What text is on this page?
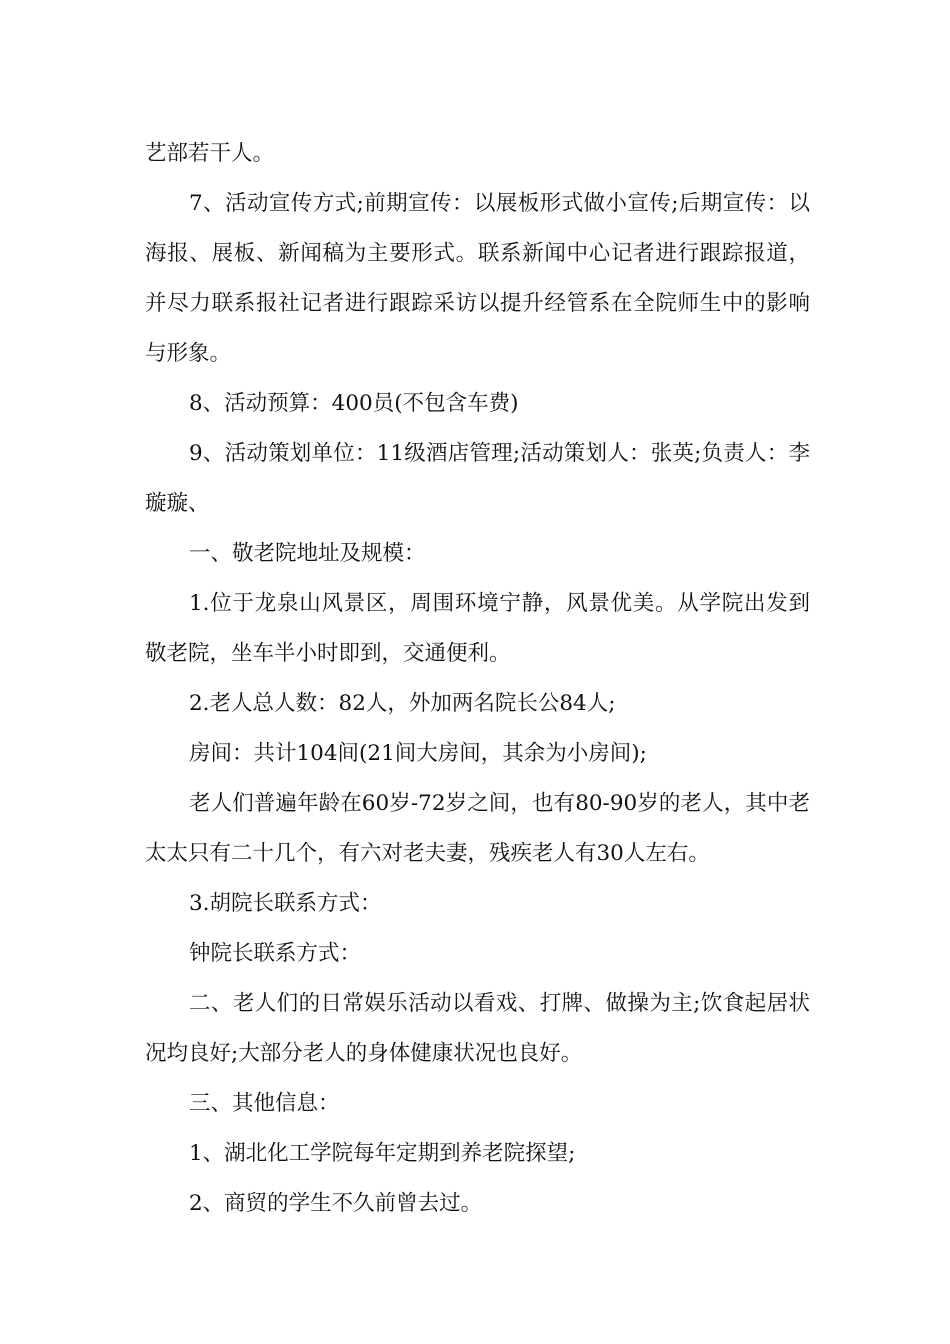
艺部若干人。

7、活动宣传方式;前期宣传：以展板形式做小宣传;后期宣传：以海报、展板、新闻稿为主要形式。联系新闻中心记者进行跟踪报道，并尽力联系报社记者进行跟踪采访以提升经管系在全院师生中的影响与形象。

8、活动预算：400员(不包含车费)

9、活动策划单位：11级酒店管理;活动策划人：张英;负责人：李璇璇、

一、敬老院地址及规模：

1.位于龙泉山风景区，周围环境宁静，风景优美。从学院出发到敬老院，坐车半小时即到，交通便利。

2.老人总人数：82人，外加两名院长公84人;

房间：共计104间(21间大房间，其余为小房间);

老人们普遍年龄在60岁-72岁之间，也有80-90岁的老人，其中老太太只有二十几个，有六对老夫妻，残疾老人有30人左右。

3.胡院长联系方式：

钟院长联系方式：

二、老人们的日常娱乐活动以看戏、打牌、做操为主;饮食起居状况均良好;大部分老人的身体健康状况也良好。

三、其他信息：

1、湖北化工学院每年定期到养老院探望;

2、商贸的学生不久前曾去过。
